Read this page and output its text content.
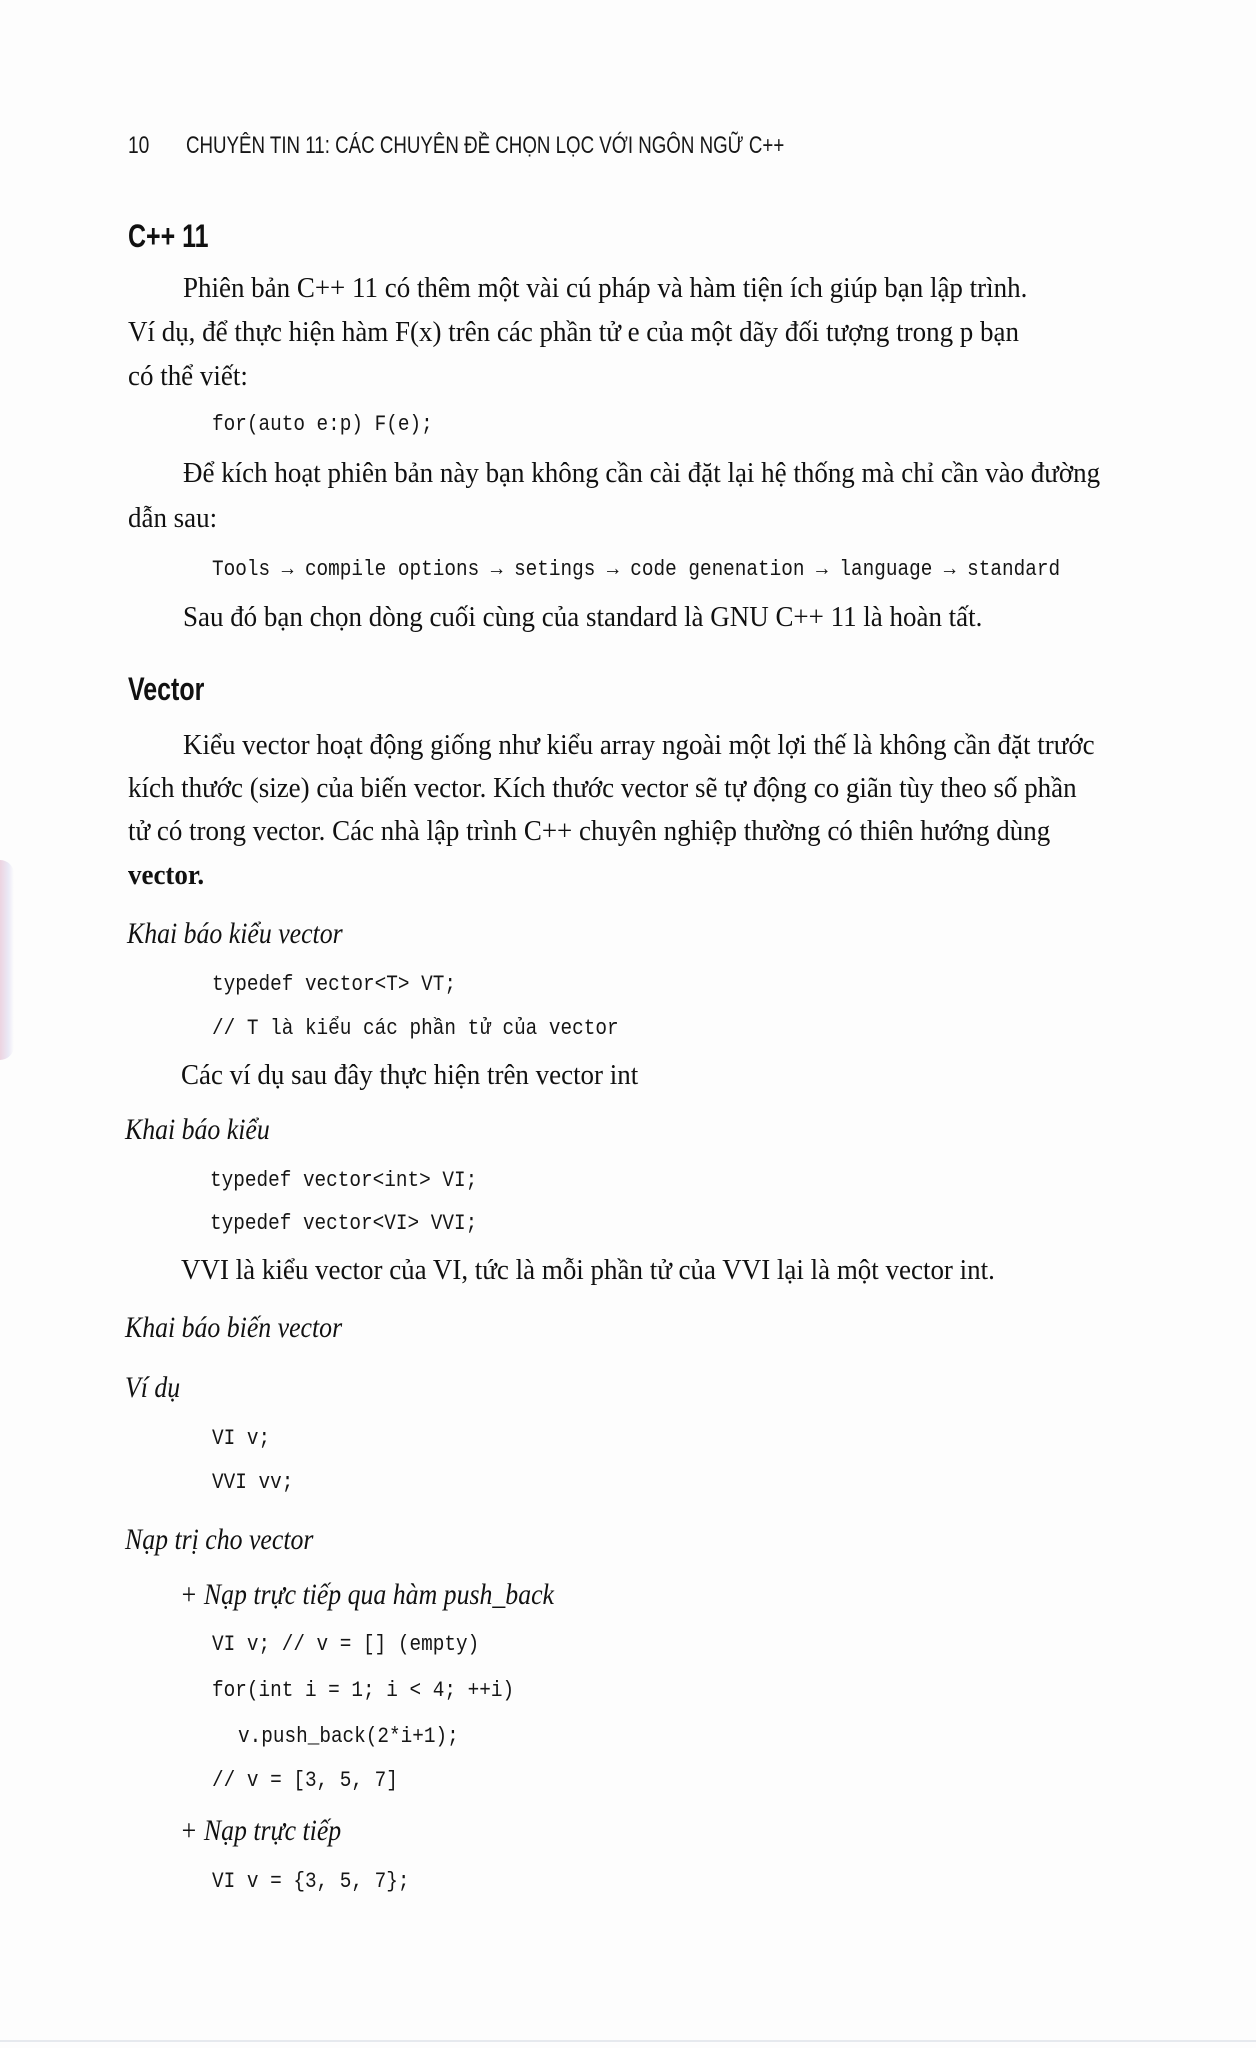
10 CHUYÊN TIN 11: CÁC CHUYÊN ĐỀ CHỌN LỌC VỚI NGÔN NGỮ C++
C++ 11
Phiên bản C++ 11 có thêm một vài cú pháp và hàm tiện ích giúp bạn lập trình.
Ví dụ, để thực hiện hàm F(x) trên các phần tử e của một dãy đối tượng trong p bạn
có thể viết:
for(auto e:p) F(e);
Để kích hoạt phiên bản này bạn không cần cài đặt lại hệ thống mà chỉ cần vào đường
dẫn sau:
Tools → compile options → setings → code genenation → language → standard
Sau đó bạn chọn dòng cuối cùng của standard là GNU C++ 11 là hoàn tất.
Vector
Kiểu vector hoạt động giống như kiểu array ngoài một lợi thế là không cần đặt trước
kích thước (size) của biến vector. Kích thước vector sẽ tự động co giãn tùy theo số phần
tử có trong vector. Các nhà lập trình C++ chuyên nghiệp thường có thiên hướng dùng
vector.
Khai báo kiểu vector
typedef vector<T> VT;
// T là kiểu các phần tử của vector
Các ví dụ sau đây thực hiện trên vector int
Khai báo kiểu
typedef vector<int> VI;
typedef vector<VI> VVI;
VVI là kiểu vector của VI, tức là mỗi phần tử của VVI lại là một vector int.
Khai báo biến vector
Ví dụ
VI v;
VVI vv;
Nạp trị cho vector
+ Nạp trực tiếp qua hàm push_back
VI v; // v = [] (empty)
for(int i = 1; i < 4; ++i)
v.push_back(2*i+1);
// v = [3, 5, 7]
+ Nạp trực tiếp
VI v = {3, 5, 7};
